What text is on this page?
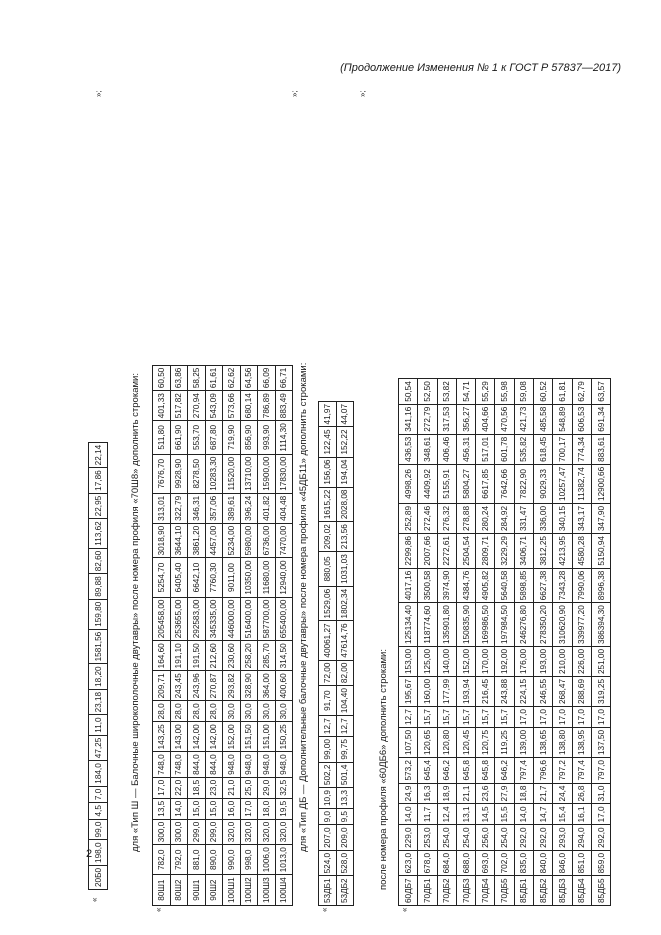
(Продолжение Изменения № 1 к ГОСТ Р 57837—2017)
2
«
20Б0	198,0	99,0	4,5	7,0	184,0	47,25	11,0	23,18	18,20	1581,56	159,80	89,88	82,60	113,62	22,95	17,86	22,14
»;
для «Тип Ш — Балочные широкополочные двутавры» после номера профиля «70Ш8» дополнить строками:
«
80Ш1	782,0	300,0	13,5	17,0	748,0	143,25	28,0	209,71	164,60	205458,00	5254,70	3018,90	313,01	7676,70	511,80	401,33	60,50
80Ш2	792,0	300,0	14,0	22,0	748,0	143,00	28,0	243,45	191,10	253655,00	6405,40	3644,10	322,79	9928,90	661,90	517,82	63,86
90Ш1	881,0	299,0	15,0	18,5	844,0	142,00	28,0	243,96	191,50	292583,00	6642,10	3861,20	346,31	8278,50	553,70	270,94	58,25
90Ш2	890,0	299,0	15,0	23,0	844,0	142,00	28,0	270,87	212,60	345335,00	7760,30	4457,00	357,06	10283,30	687,80	543,09	61,61
100Ш1	990,0	320,0	16,0	21,0	948,0	152,00	30,0	293,82	230,60	446000,00	9011,00	5234,00	389,61	11520,00	719,90	573,66	62,62
100Ш2	998,0	320,0	17,0	25,0	948,0	151,50	30,0	328,90	258,20	516400,00	10350,00	5980,00	396,24	13710,00	856,90	680,14	64,56
100Ш3	1006,0	320,0	18,0	29,0	948,0	151,00	30,0	364,00	285,70	587700,00	11680,00	6736,00	401,82	15900,00	993,90	786,89	66,09
100Ш4	1013,0	320,0	19,5	32,5	948,0	150,25	30,0	400,60	314,50	655400,00	12940,00	7470,00	404,48	17830,00	1114,30	883,49	66,71
»;
для «Тип ДБ — Дополнительные балочные двутавры» после номера профиля «45ДБ11» дополнить строками:
«
53ДБ1	524,0	207,0	9,0	10,9	502,2	99,00	12,7	91,70	72,00	40061,27	1529,06	880,05	209,02	1615,22	156,06	122,45	41,97
53ДБ2	528,0	209,0	9,5	13,3	501,4	99,75	12,7	104,40	82,00	47614,76	1802,34	1031,03	213,56	2028,08	194,04	152,22	44,07
»;
после номера профиля «60ДБ6» дополнить строками:
«
60ДБ7	623,0	229,0	14,0	24,9	573,2	107,50	12,7	195,67	153,00	125134,40	4017,16	2299,86	252,89	4998,26	436,53	341,16	50,54
70ДБ1	678,0	253,0	11,7	16,3	645,4	120,65	15,7	160,00	125,00	118774,60	3500,58	2007,66	272,46	4409,92	348,61	272,79	52,50
70ДБ2	684,0	254,0	12,4	18,9	646,2	120,80	15,7	177,99	140,00	135901,80	3974,90	2272,61	276,32	5155,91	406,46	317,53	53,82
70ДБ3	688,0	254,0	13,1	21,1	645,8	120,45	15,7	193,94	152,00	150835,90	4384,76	2504,54	278,88	5804,27	456,31	356,27	54,71
70ДБ4	693,0	256,0	14,5	23,6	645,8	120,75	15,7	216,45	170,00	169986,50	4905,82	2809,71	280,24	6617,85	517,01	404,66	55,29
70ДБ5	702,0	254,0	15,5	27,9	646,2	119,25	15,7	243,88	192,00	197984,50	5640,58	3229,29	284,92	7642,66	601,78	470,56	55,98
85ДБ1	835,0	292,0	14,0	18,8	797,4	139,00	17,0	224,15	176,00	246276,80	5898,85	3406,71	331,47	7822,90	535,82	421,73	59,08
85ДБ2	840,0	292,0	14,7	21,7	796,6	138,65	17,0	246,55	193,00	278350,20	6627,38	3812,25	336,00	9029,33	618,45	485,58	60,52
85ДБ3	846,0	293,0	15,4	24,4	797,2	138,80	17,0	268,47	210,00	310620,90	7343,28	4213,95	340,15	10257,47	700,17	548,89	61,81
85ДБ4	851,0	294,0	16,1	26,8	797,4	138,95	17,0	288,69	226,00	339977,20	7990,06	4580,28	343,17	11382,74	774,34	606,53	62,79
85ДБ5	859,0	292,0	17,0	31,0	797,0	137,50	17,0	319,25	251,00	386394,30	8996,38	5150,94	347,90	12900,66	883,61	691,34	63,57
